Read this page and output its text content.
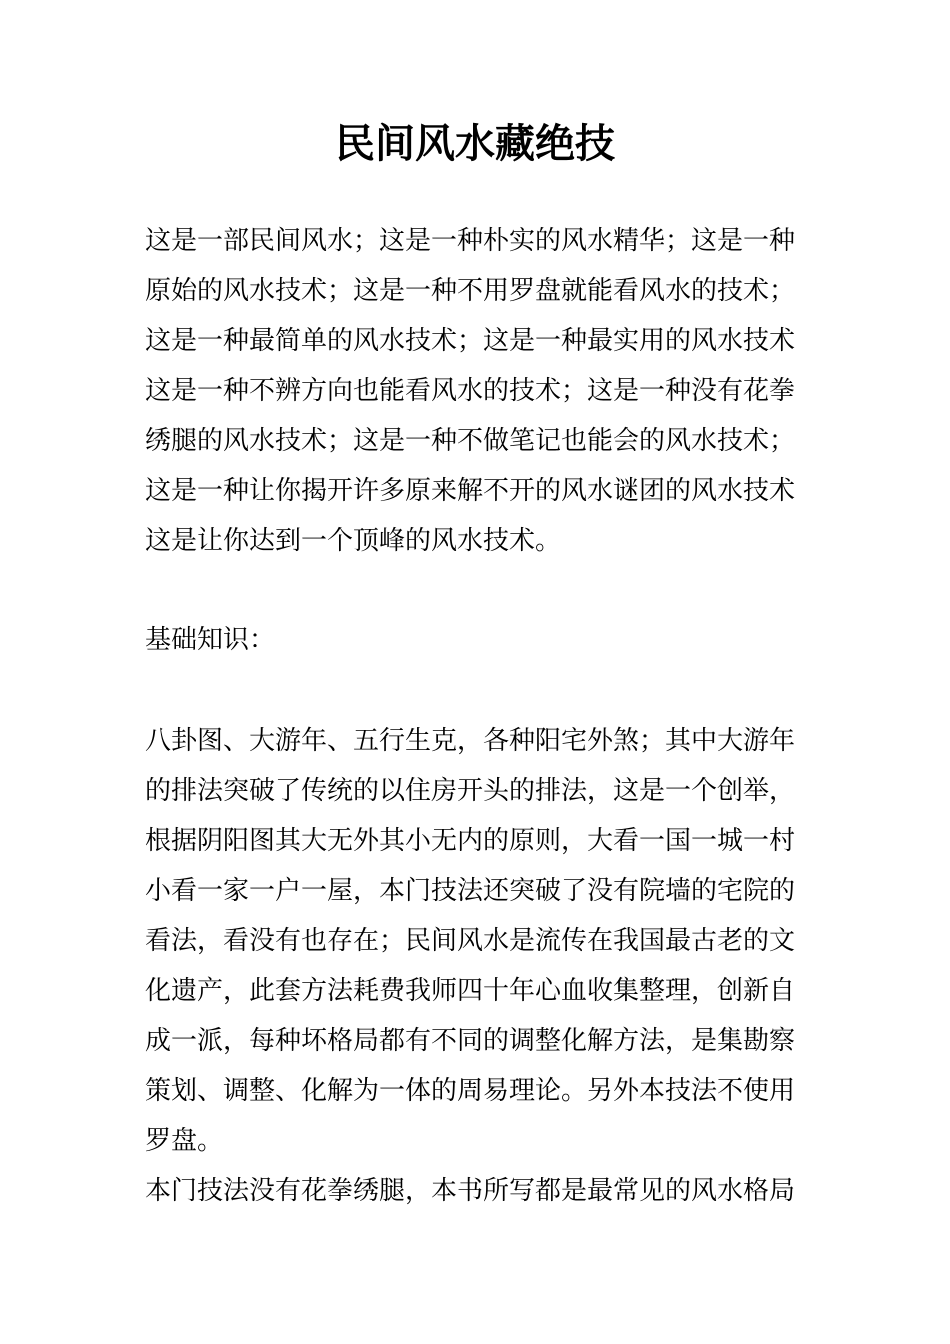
民间风水藏绝技

这是一部民间风水；这是一种朴实的风水精华；这是一种

原始的风水技术；这是一种不用罗盘就能看风水的技术；

这是一种最简单的风水技术；这是一种最实用的风水技术

这是一种不辨方向也能看风水的技术；这是一种没有花拳

绣腿的风水技术；这是一种不做笔记也能会的风水技术；

这是一种让你揭开许多原来解不开的风水谜团的风水技术

这是让你达到一个顶峰的风水技术。

基础知识：

八卦图、大游年、五行生克，各种阳宅外煞；其中大游年

的排法突破了传统的以住房开头的排法，这是一个创举，

根据阴阳图其大无外其小无内的原则，大看一国一城一村

小看一家一户一屋，本门技法还突破了没有院墙的宅院的

看法，看没有也存在；民间风水是流传在我国最古老的文

化遗产，此套方法耗费我师四十年心血收集整理，创新自

成一派，每种坏格局都有不同的调整化解方法，是集勘察

策划、调整、化解为一体的周易理论。另外本技法不使用

罗盘。

本门技法没有花拳绣腿，本书所写都是最常见的风水格局
